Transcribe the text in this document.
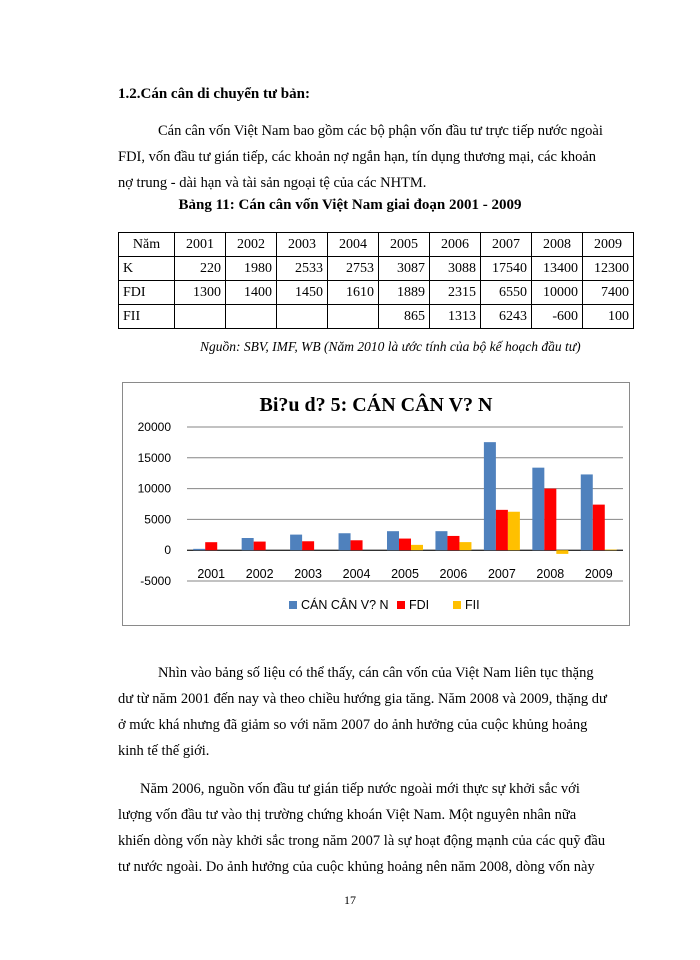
1.2.Cán cân di chuyển tư bản:
Cán cân vốn Việt Nam bao gồm các bộ phận vốn đầu tư trực tiếp nước ngoài
FDI, vốn đầu tư gián tiếp, các khoản nợ ngắn hạn, tín dụng thương mại, các khoản
nợ trung - dài hạn và tài sản ngoại tệ của các NHTM.
Bảng 11: Cán cân vốn Việt Nam giai đoạn 2001 - 2009
Năm	2001	2002	2003	2004	2005	2006	2007	2008	2009
K	220	1980	2533	2753	3087	3088	17540	13400	12300
FDI	1300	1400	1450	1610	1889	2315	6550	10000	7400
FII					865	1313	6243	-600	100
Nguồn: SBV, IMF, WB (Năm 2010 là ước tính của bộ kế hoạch đầu tư)
Bi?u d? 5: CÁN CÂN V? N
20000
15000
10000
5000
0
-5000 2001 2002 2003 2004 2005 2006 2007 2008 2009
CÁN CÂN V? N FDI	FII
Nhìn vào bảng số liệu có thể thấy, cán cân vốn của Việt Nam liên tục thặng
dư từ năm 2001 đến nay và theo chiều hướng gia tăng. Năm 2008 và 2009, thặng dư
ở mức khá nhưng đã giảm so với năm 2007 do ảnh hưởng của cuộc khủng hoảng
kinh tế thế giới.
Năm 2006, nguồn vốn đầu tư gián tiếp nước ngoài mới thực sự khởi sắc với
lượng vốn đầu tư vào thị trường chứng khoán Việt Nam. Một nguyên nhân nữa
khiến dòng vốn này khởi sắc trong năm 2007 là sự hoạt động mạnh của các quỹ đầu
tư nước ngoài. Do ảnh hưởng của cuộc khủng hoảng nên năm 2008, dòng vốn này
17
